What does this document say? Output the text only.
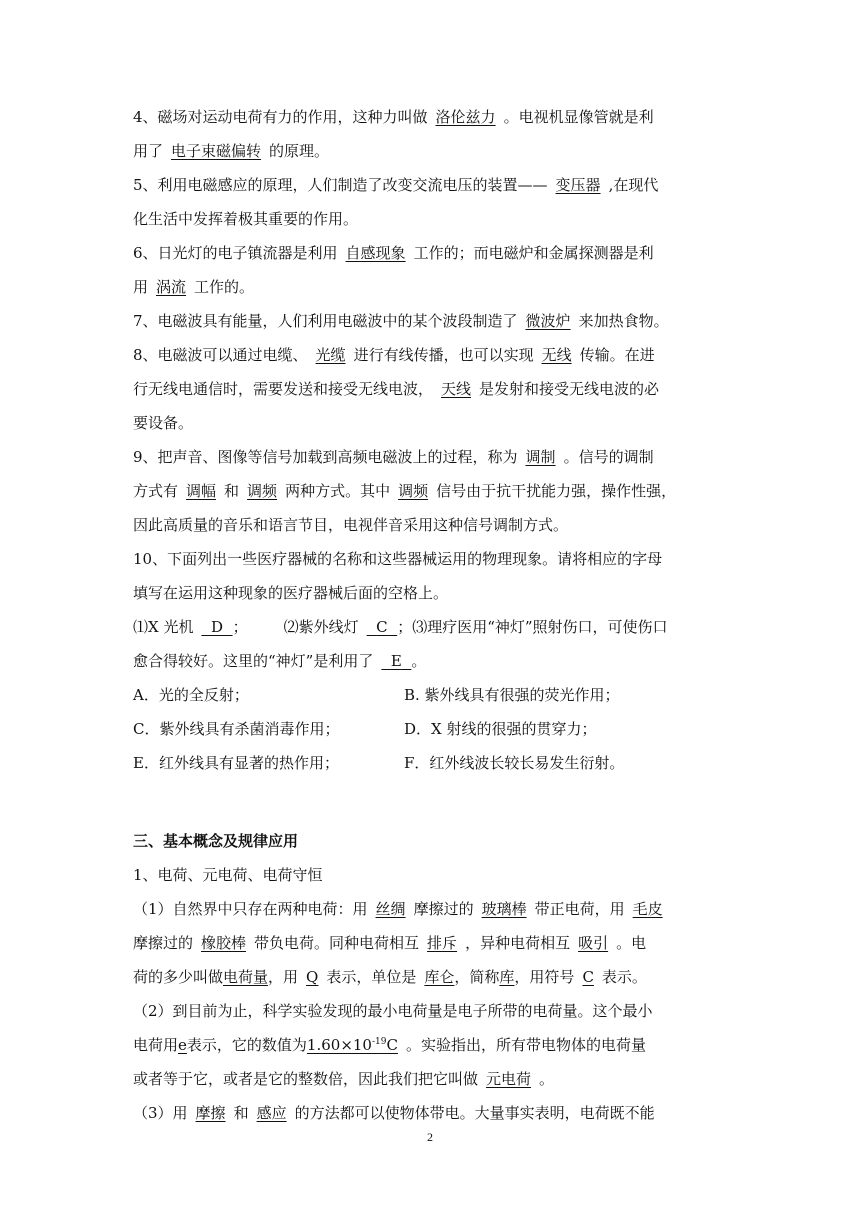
4、磁场对运动电荷有力的作用，这种力叫做 洛伦兹力 。电视机显像管就是利
用了 电子束磁偏转 的原理。
5、利用电磁感应的原理，人们制造了改变交流电压的装置—— 变压器 ,在现代
化生活中发挥着极其重要的作用。
6、日光灯的电子镇流器是利用 自感现象 工作的；而电磁炉和金属探测器是利
用 涡流 工作的。
7、电磁波具有能量，人们利用电磁波中的某个波段制造了 微波炉 来加热食物。
8、电磁波可以通过电缆、 光缆 进行有线传播，也可以实现 无线 传输。在进
行无线电通信时，需要发送和接受无线电波， 天线 是发射和接受无线电波的必
要设备。
9、把声音、图像等信号加载到高频电磁波上的过程，称为 调制 。信号的调制
方式有 调幅 和 调频 两种方式。其中 调频 信号由于抗干扰能力强，操作性强，
因此高质量的音乐和语言节目，电视伴音采用这种信号调制方式。
10、下面列出一些医疗器械的名称和这些器械运用的物理现象。请将相应的字母
填写在运用这种现象的医疗器械后面的空格上。
⑴X 光机 D ； ⑵紫外线灯 C ；⑶理疗医用“神灯”照射伤口，可使伤口
愈合得较好。这里的“神灯”是利用了 E 。
A．光的全反射；	B. 紫外线具有很强的荧光作用；
C．紫外线具有杀菌消毒作用；	D．X 射线的很强的贯穿力；
E．红外线具有显著的热作用；	F．红外线波长较长易发生衍射。
三、基本概念及规律应用
1、电荷、元电荷、电荷守恒
（1）自然界中只存在两种电荷：用 丝绸 摩擦过的 玻璃棒 带正电荷，用 毛皮
摩擦过的 橡胶棒 带负电荷。同种电荷相互 排斥 ，异种电荷相互 吸引 。电
荷的多少叫做电荷量，用 Q 表示，单位是 库仑，简称库，用符号 C 表示。
（2）到目前为止，科学实验发现的最小电荷量是电子所带的电荷量。这个最小
电荷用e表示，它的数值为$1.60\times 10^{-19}C$ 。实验指出，所有带电物体的电荷量
或者等于它，或者是它的整数倍，因此我们把它叫做 元电荷 。
（3）用 摩擦 和 感应 的方法都可以使物体带电。大量事实表明，电荷既不能
2
